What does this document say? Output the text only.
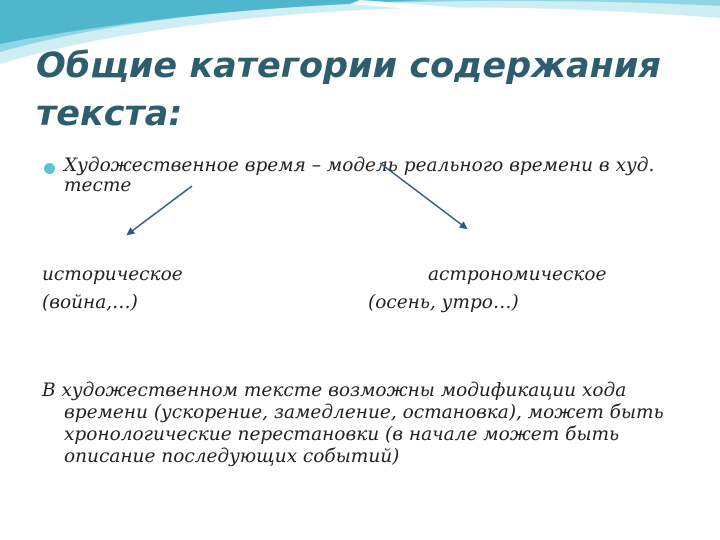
Общие категории содержания текста:
Художественное время – модель реального времени в худ. тесте
историческое
(война,…)
астрономическое
(осень, утро…)
В художественном тексте возможны модификации хода времени (ускорение, замедление, остановка), может быть хронологические перестановки (в начале может быть описание последующих событий)
